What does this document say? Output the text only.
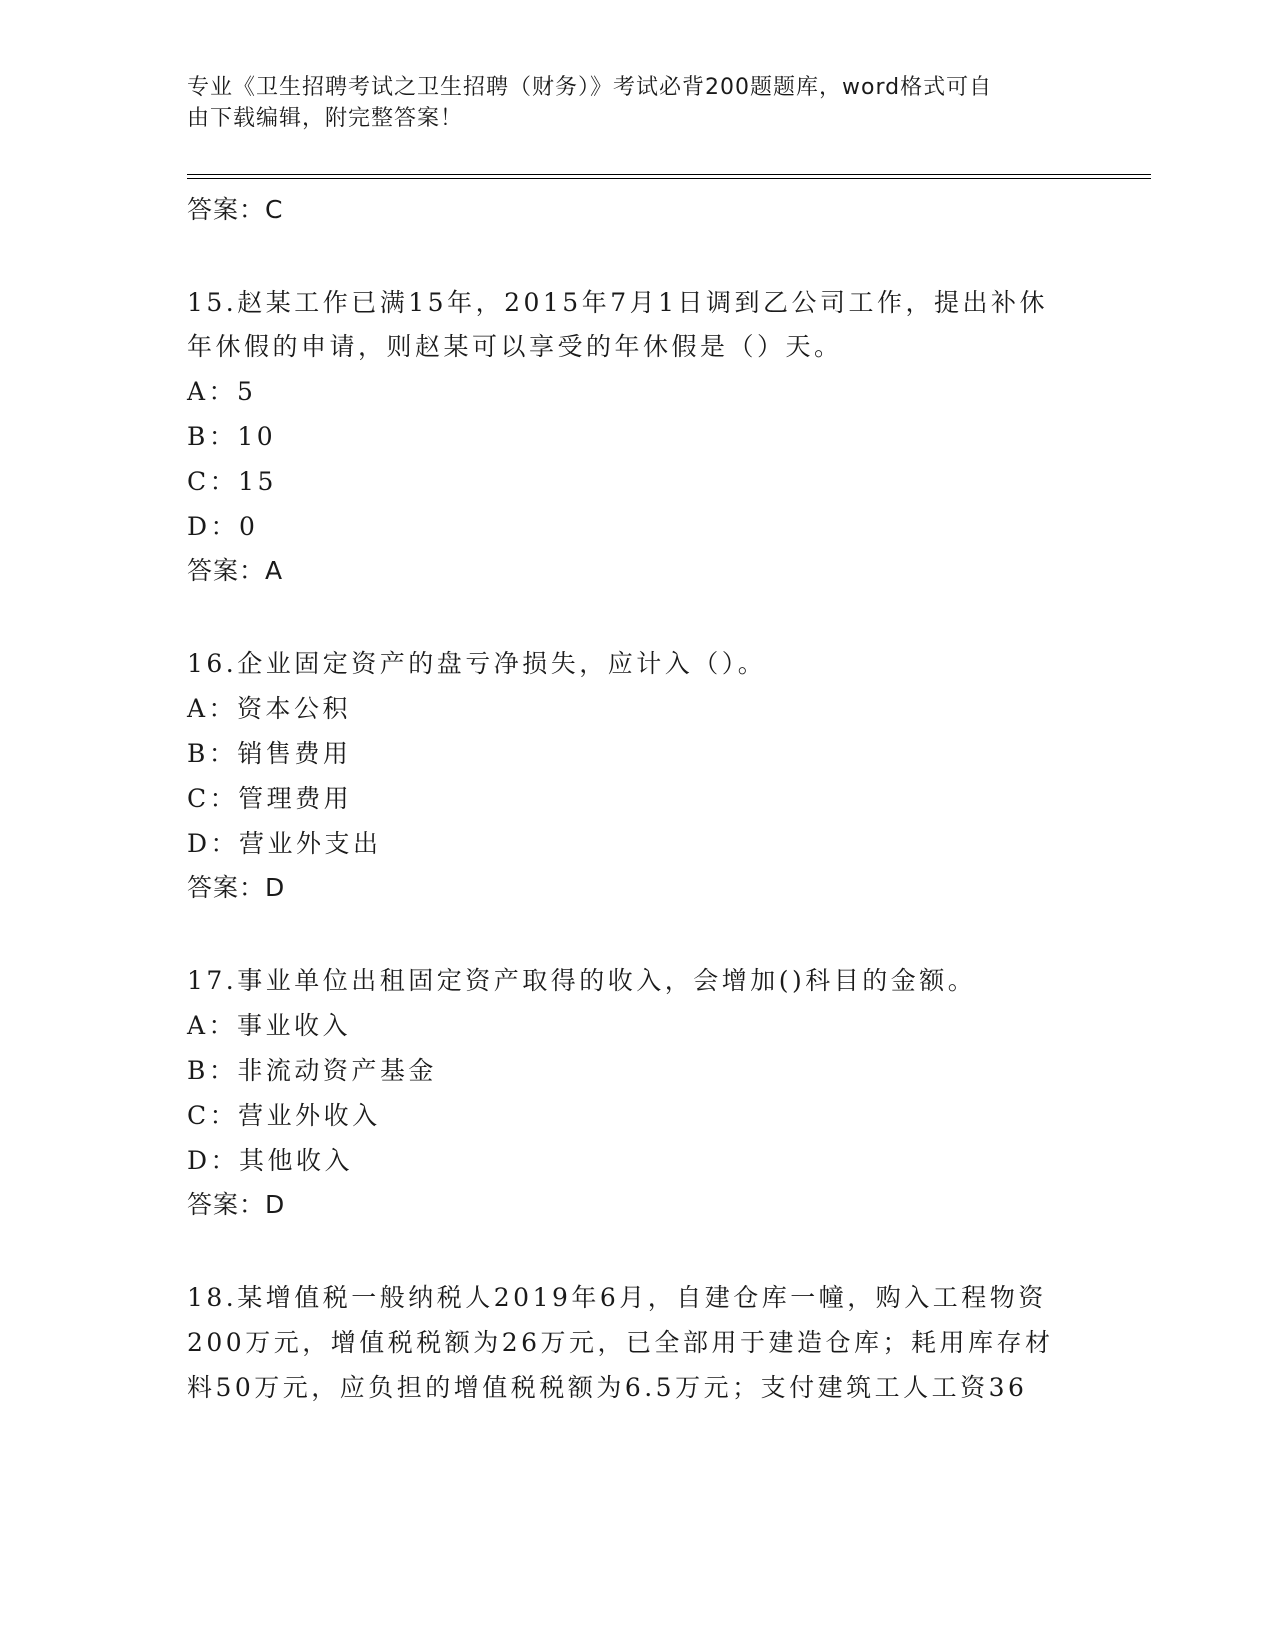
专业《卫生招聘考试之卫生招聘（财务）》考试必背200题题库，word格式可自
由下载编辑，附完整答案！
答案：C
15.赵某工作已满15年，2015年7月1日调到乙公司工作，提出补休
年休假的申请，则赵某可以享受的年休假是（）天。
A：5
B：10
C：15
D：0
答案：A
16.企业固定资产的盘亏净损失，应计入（）。
A：资本公积
B：销售费用
C：管理费用
D：营业外支出
答案：D
17.事业单位出租固定资产取得的收入，会增加()科目的金额。
A：事业收入
B：非流动资产基金
C：营业外收入
D：其他收入
答案：D
18.某增值税一般纳税人2019年6月，自建仓库一幢，购入工程物资
200万元，增值税税额为26万元，已全部用于建造仓库；耗用库存材
料50万元，应负担的增值税税额为6.5万元；支付建筑工人工资36
